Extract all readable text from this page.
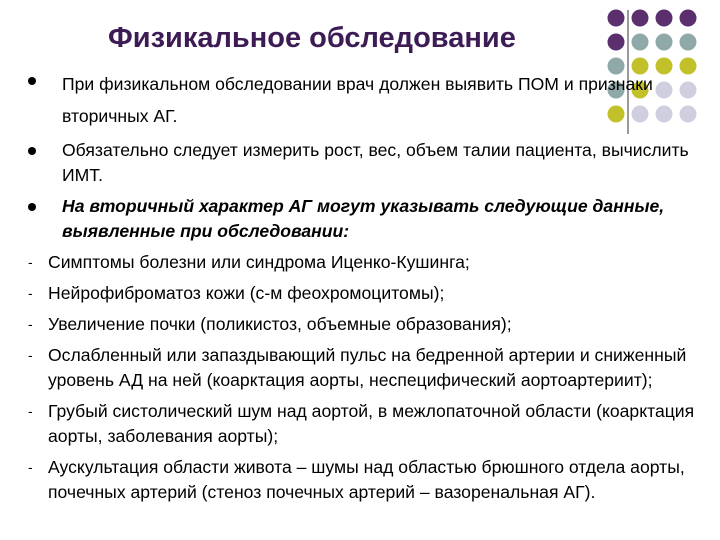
Физикальное обследование
При физикальном обследовании врач должен выявить ПОМ и признаки вторичных АГ.
Обязательно следует измерить рост, вес, объем талии пациента, вычислить ИМТ.
На вторичный характер АГ могут указывать следующие данные, выявленные при обследовании:
- Симптомы болезни или синдрома Иценко-Кушинга;
- Нейрофиброматоз кожи (с-м феохромоцитомы);
- Увеличение почки (поликистоз, объемные образования);
- Ослабленный или запаздывающий пульс на бедренной артерии и сниженный уровень АД на ней (коарктация аорты, неспецифический аортоартериит);
- Грубый систолический шум над аортой, в межлопаточной области (коарктация аорты, заболевания аорты);
- Аускультация области живота – шумы над областью брюшного отдела аорты, почечных артерий (стеноз почечных артерий – вазоренальная АГ).
